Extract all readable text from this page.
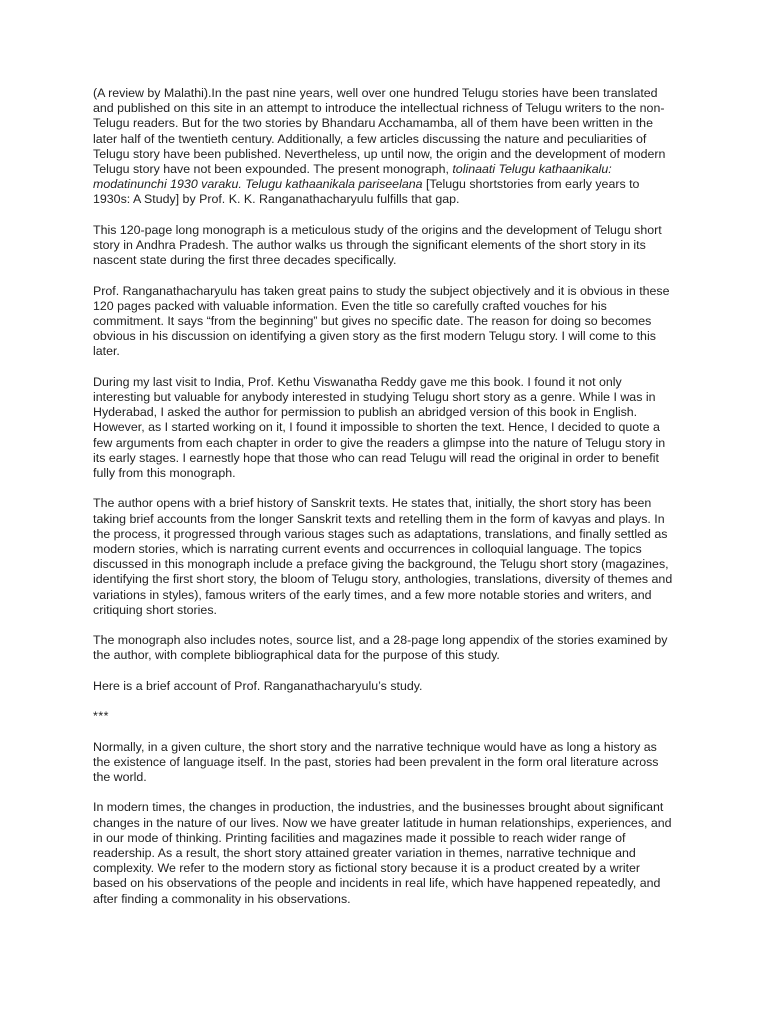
(A review by Malathi).In the past nine years, well over one hundred Telugu stories have been translated and published on this site in an attempt to introduce the intellectual richness of Telugu writers to the non-Telugu readers. But for the two stories by Bhandaru Acchamamba, all of them have been written in the later half of the twentieth century. Additionally, a few articles discussing the nature and peculiarities of Telugu story have been published. Nevertheless, up until now, the origin and the development of modern Telugu story have not been expounded. The present monograph, tolinaati Telugu kathaanikalu: modatinunchi 1930 varaku. Telugu kathaanikala pariseelana [Telugu shortstories from early years to 1930s: A Study] by Prof. K. K. Ranganathacharyulu fulfills that gap.

This 120-page long monograph is a meticulous study of the origins and the development of Telugu short story in Andhra Pradesh. The author walks us through the significant elements of the short story in its nascent state during the first three decades specifically.

Prof. Ranganathacharyulu has taken great pains to study the subject objectively and it is obvious in these 120 pages packed with valuable information. Even the title so carefully crafted vouches for his commitment. It says “from the beginning” but gives no specific date. The reason for doing so becomes obvious in his discussion on identifying a given story as the first modern Telugu story. I will come to this later.

During my last visit to India, Prof. Kethu Viswanatha Reddy gave me this book. I found it not only interesting but valuable for anybody interested in studying Telugu short story as a genre. While I was in Hyderabad, I asked the author for permission to publish an abridged version of this book in English. However, as I started working on it, I found it impossible to shorten the text. Hence, I decided to quote a few arguments from each chapter in order to give the readers a glimpse into the nature of Telugu story in its early stages. I earnestly hope that those who can read Telugu will read the original in order to benefit fully from this monograph.

The author opens with a brief history of Sanskrit texts. He states that, initially, the short story has been taking brief accounts from the longer Sanskrit texts and retelling them in the form of kavyas and plays. In the process, it progressed through various stages such as adaptations, translations, and finally settled as modern stories, which is narrating current events and occurrences in colloquial language. The topics discussed in this monograph include a preface giving the background, the Telugu short story (magazines, identifying the first short story, the bloom of Telugu story, anthologies, translations, diversity of themes and variations in styles), famous writers of the early times, and a few more notable stories and writers, and critiquing short stories.

The monograph also includes notes, source list, and a 28-page long appendix of the stories examined by the author, with complete bibliographical data for the purpose of this study.

Here is a brief account of Prof. Ranganathacharyulu’s study.

***

Normally, in a given culture, the short story and the narrative technique would have as long a history as the existence of language itself. In the past, stories had been prevalent in the form oral literature across the world.

In modern times, the changes in production, the industries, and the businesses brought about significant changes in the nature of our lives. Now we have greater latitude in human relationships, experiences, and in our mode of thinking. Printing facilities and magazines made it possible to reach wider range of readership. As a result, the short story attained greater variation in themes, narrative technique and complexity. We refer to the modern story as fictional story because it is a product created by a writer based on his observations of the people and incidents in real life, which have happened repeatedly, and after finding a commonality in his observations.
